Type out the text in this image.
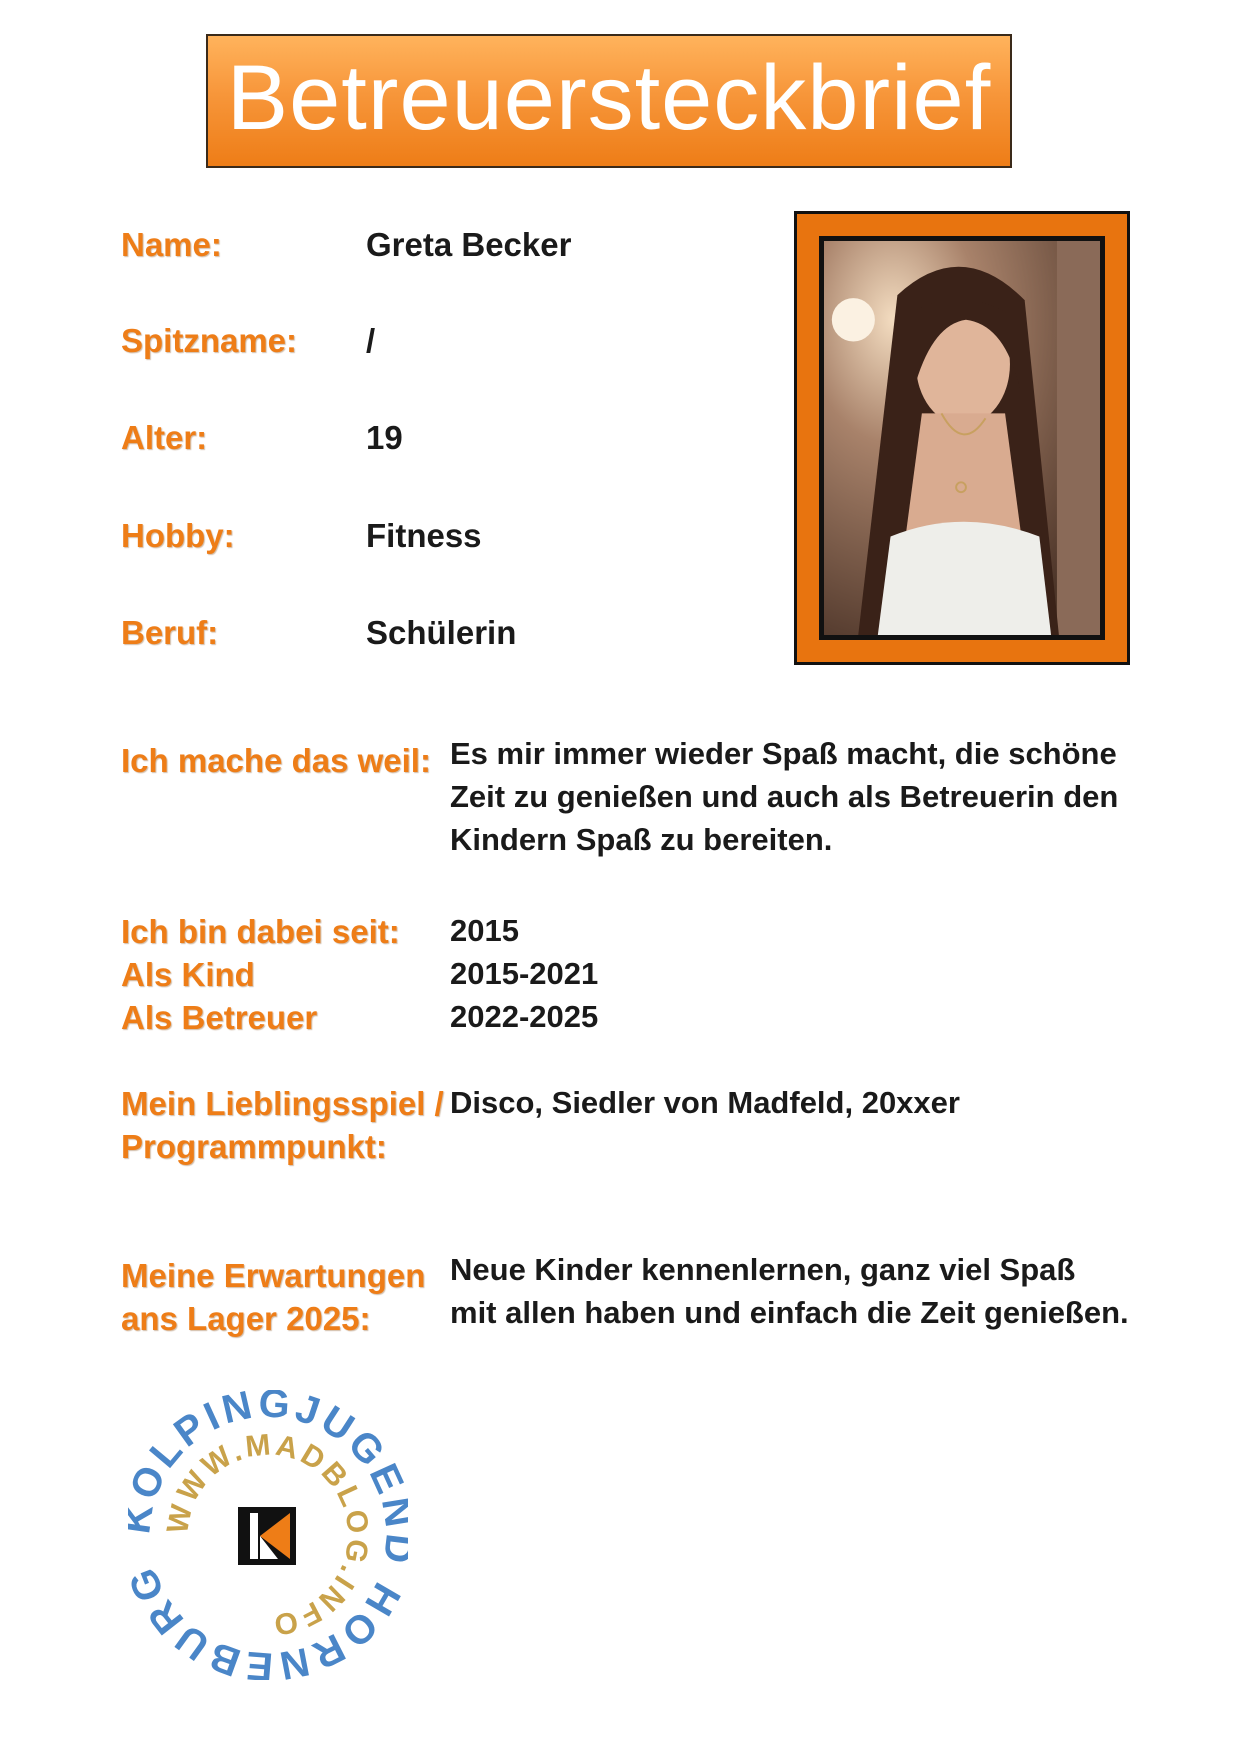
Betreuersteckbrief
Name:	Greta Becker
Spitzname: /
Alter:	19
Hobby:	Fitness
Beruf:	Schülerin
Ich mache das weil: Es mir immer wieder Spaß macht, die schöne Zeit zu genießen und auch als Betreuerin den Kindern Spaß zu bereiten.
Ich bin dabei seit: 2015
Als Kind	2015-2021
Als Betreuer	2022-2025
Mein Lieblingsspiel /
Programmpunkt:
Disco, Siedler von Madfeld, 20xxer
Meine Erwartungen
ans Lager 2025:
Neue Kinder kennenlernen, ganz viel Spaß mit allen haben und einfach die Zeit genießen.
LPINGJUG HORNEBUR
WWW.MADBLOG.INFO
